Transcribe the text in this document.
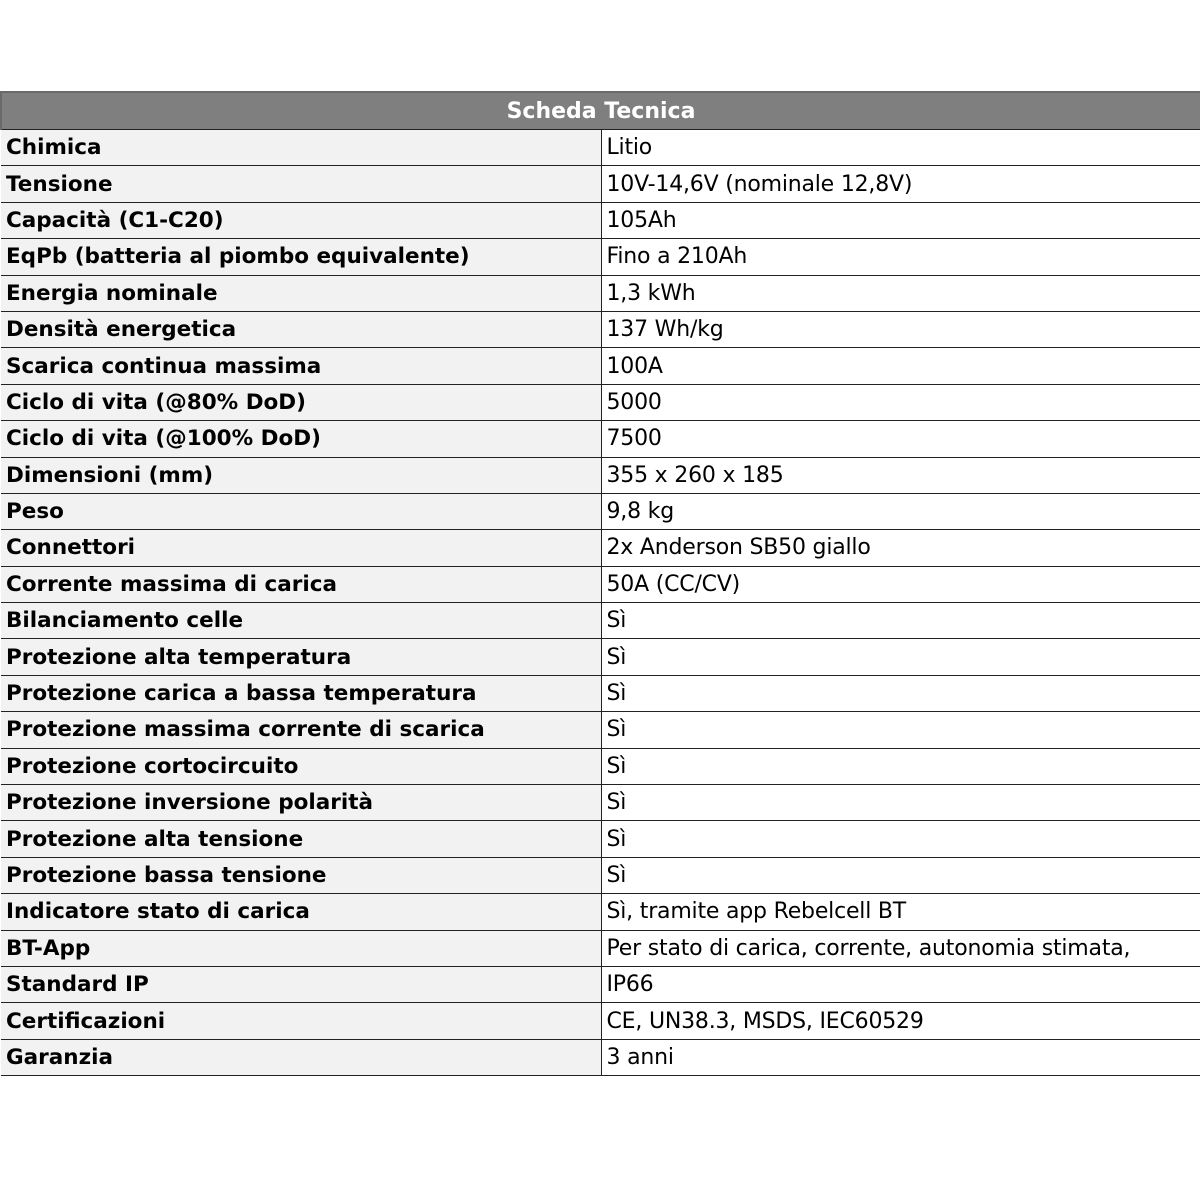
Scheda Tecnica	
Chimica	Litio
Tensione	10V-14,6V (nominale 12,8V)
Capacità (C1-C20)	105Ah
EqPb (batteria al piombo equivalente)	Fino a 210Ah
Energia nominale	1,3 kWh
Densità energetica	137 Wh/kg
Scarica continua massima	100A
Ciclo di vita (@80% DoD)	5000
Ciclo di vita (@100% DoD)	7500
Dimensioni (mm)	355 x 260 x 185
Peso	9,8 kg
Connettori	2x Anderson SB50 giallo
Corrente massima di carica	50A (CC/CV)
Bilanciamento celle	Sì
Protezione alta temperatura	Sì
Protezione carica a bassa temperatura	Sì
Protezione massima corrente di scarica	Sì
Protezione cortocircuito	Sì
Protezione inversione polarità	Sì
Protezione alta tensione	Sì
Protezione bassa tensione	Sì
Indicatore stato di carica	Sì, tramite app Rebelcell BT
BT-App	Per stato di carica, corrente, autonomia stimata,
Standard IP	IP66
Certificazioni	CE, UN38.3, MSDS, IEC60529
Garanzia	3 anni
